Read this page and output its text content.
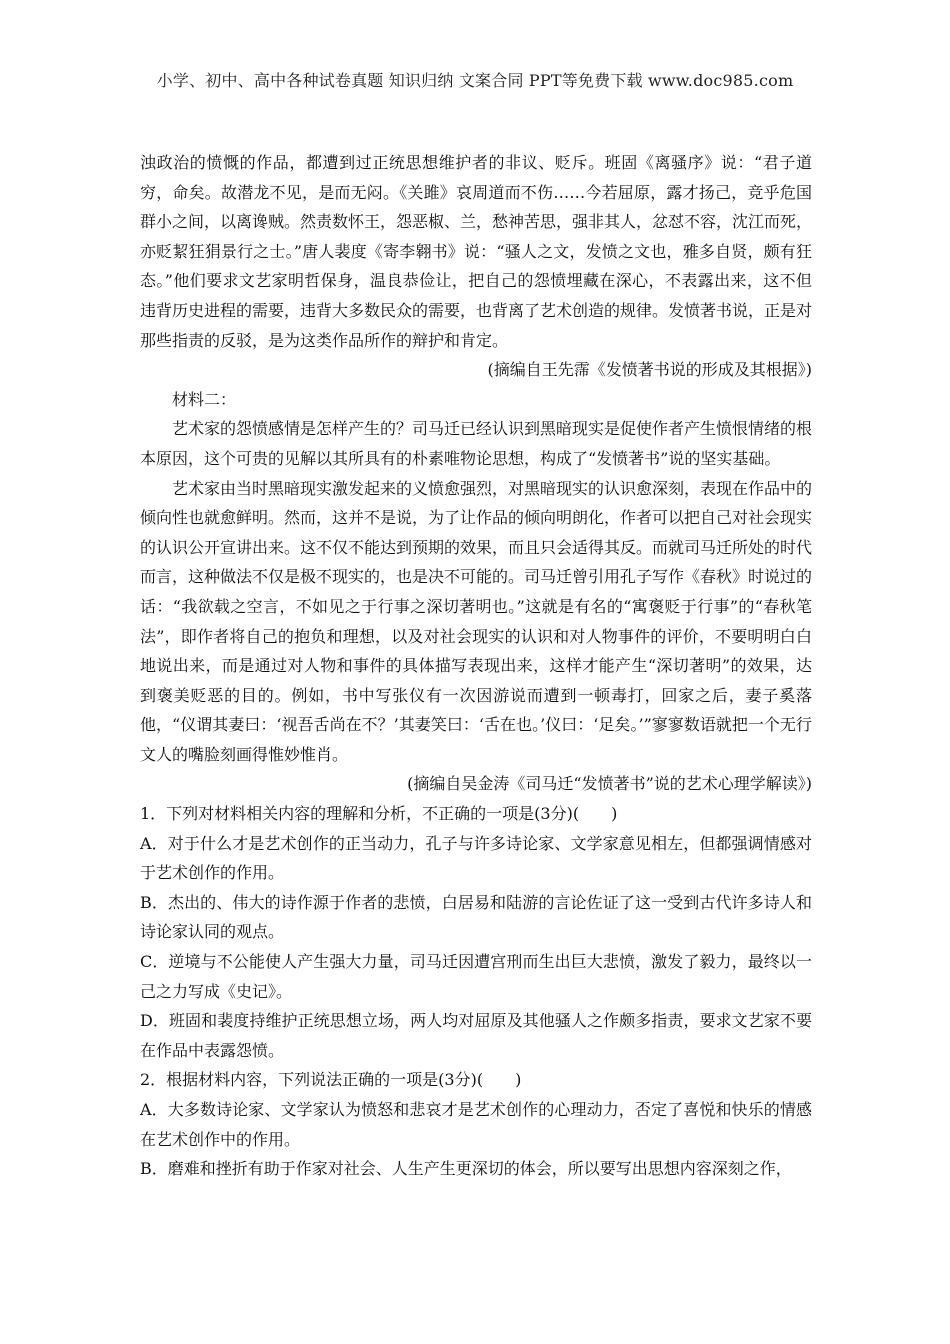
小学、初中、高中各种试卷真题 知识归纳 文案合同 PPT等免费下载 www.doc985.com

浊政治的愤慨的作品，都遭到过正统思想维护者的非议、贬斥。班固《离骚序》说：“君子道穷，命矣。故潜龙不见，是而无闷。《关雎》哀周道而不伤……今若屈原，露才扬己，竞乎危国群小之间，以离谗贼。然责数怀王，怨恶椒、兰，愁神苦思，强非其人，忿怼不容，沈江而死，亦贬絜狂狷景行之士。”唐人裴度《寄李翱书》说：“骚人之文，发愤之文也，雅多自贤，颇有狂态。”他们要求文艺家明哲保身，温良恭俭让，把自己的怨愤埋藏在深心，不表露出来，这不但违背历史进程的需要，违背大多数民众的需要，也背离了艺术创造的规律。发愤著书说，正是对那些指责的反驳，是为这类作品所作的辩护和肯定。

(摘编自王先霈《发愤著书说的形成及其根据》)

材料二：

艺术家的怨愤感情是怎样产生的？司马迁已经认识到黑暗现实是促使作者产生愤恨情绪的根本原因，这个可贵的见解以其所具有的朴素唯物论思想，构成了“发愤著书”说的坚实基础。

艺术家由当时黑暗现实激发起来的义愤愈强烈，对黑暗现实的认识愈深刻，表现在作品中的倾向性也就愈鲜明。然而，这并不是说，为了让作品的倾向明朗化，作者可以把自己对社会现实的认识公开宣讲出来。这不仅不能达到预期的效果，而且只会适得其反。而就司马迁所处的时代而言，这种做法不仅是极不现实的，也是决不可能的。司马迁曾引用孔子写作《春秋》时说过的话：“我欲载之空言，不如见之于行事之深切著明也。”这就是有名的“寓褒贬于行事”的“春秋笔法”，即作者将自己的抱负和理想，以及对社会现实的认识和对人物事件的评价，不要明明白白地说出来，而是通过对人物和事件的具体描写表现出来，这样才能产生“深切著明”的效果，达到褒美贬恶的目的。例如，书中写张仪有一次因游说而遭到一顿毒打，回家之后，妻子奚落他，“仪谓其妻曰：‘视吾舌尚在不？’其妻笑曰：‘舌在也。’仪曰：‘足矣。’”寥寥数语就把一个无行文人的嘴脸刻画得惟妙惟肖。

(摘编自吴金涛《司马迁“发愤著书”说的艺术心理学解读》)

1．下列对材料相关内容的理解和分析，不正确的一项是(3分)(　　)

A．对于什么才是艺术创作的正当动力，孔子与许多诗论家、文学家意见相左，但都强调情感对于艺术创作的作用。

B．杰出的、伟大的诗作源于作者的悲愤，白居易和陆游的言论佐证了这一受到古代许多诗人和诗论家认同的观点。

C．逆境与不公能使人产生强大力量，司马迁因遭宫刑而生出巨大悲愤，激发了毅力，最终以一己之力写成《史记》。

D．班固和裴度持维护正统思想立场，两人均对屈原及其他骚人之作颇多指责，要求文艺家不要在作品中表露怨愤。

2．根据材料内容，下列说法正确的一项是(3分)(　　)

A．大多数诗论家、文学家认为愤怒和悲哀才是艺术创作的心理动力，否定了喜悦和快乐的情感在艺术创作中的作用。

B．磨难和挫折有助于作家对社会、人生产生更深切的体会，所以要写出思想内容深刻之作，
